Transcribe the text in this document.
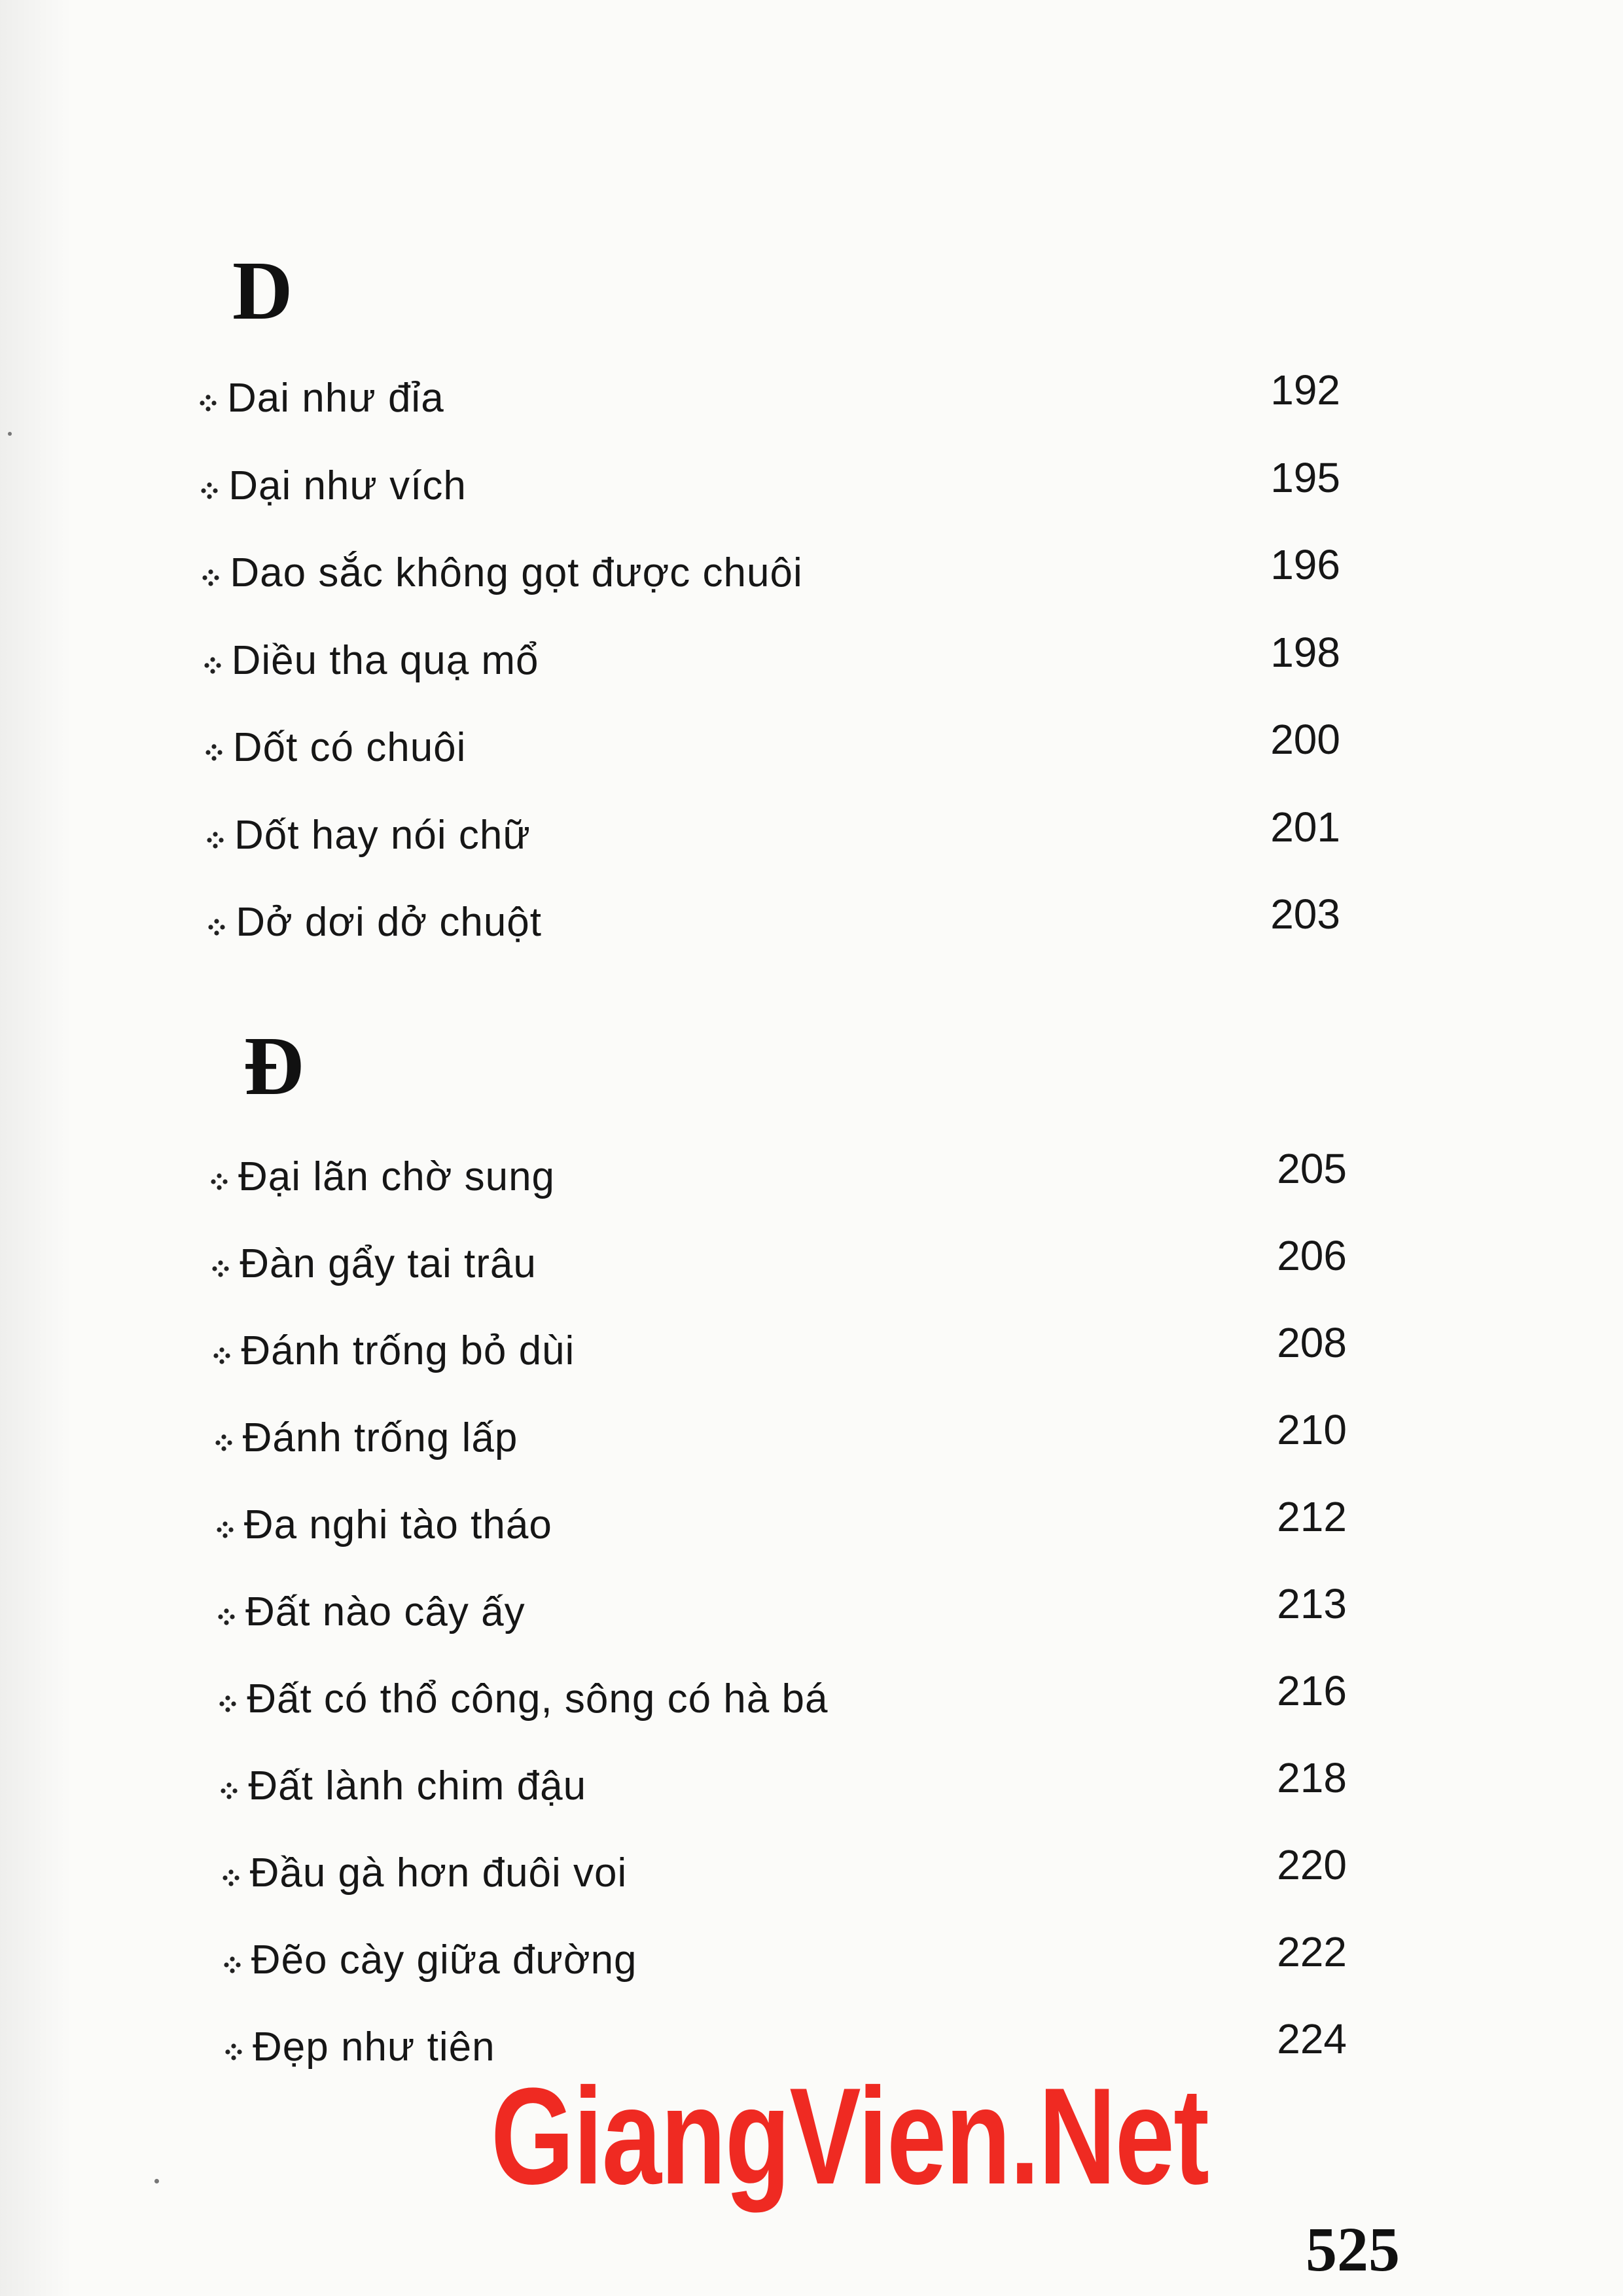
D
Dai như đỉa	192
Dại như vích	195
Dao sắc không gọt được chuôi	196
Diều tha quạ mổ	198
Dốt có chuôi	200
Dốt hay nói chữ	201
Dở dơi dở chuột	203
Đại lãn chờ sung	205
Đàn gẩy tai trâu	206
Đánh trống bỏ dùi	208
Đánh trống lấp	210
Đa nghi tào tháo	212
Đất nào cây ấy	213
Đất có thổ công, sông có hà bá	216
Đất lành chim đậu	218
Đầu gà hơn đuôi voi	220
Đẽo cày giữa đường	222
Đẹp như tiên	224
Đ
GiangVien.Net
525
